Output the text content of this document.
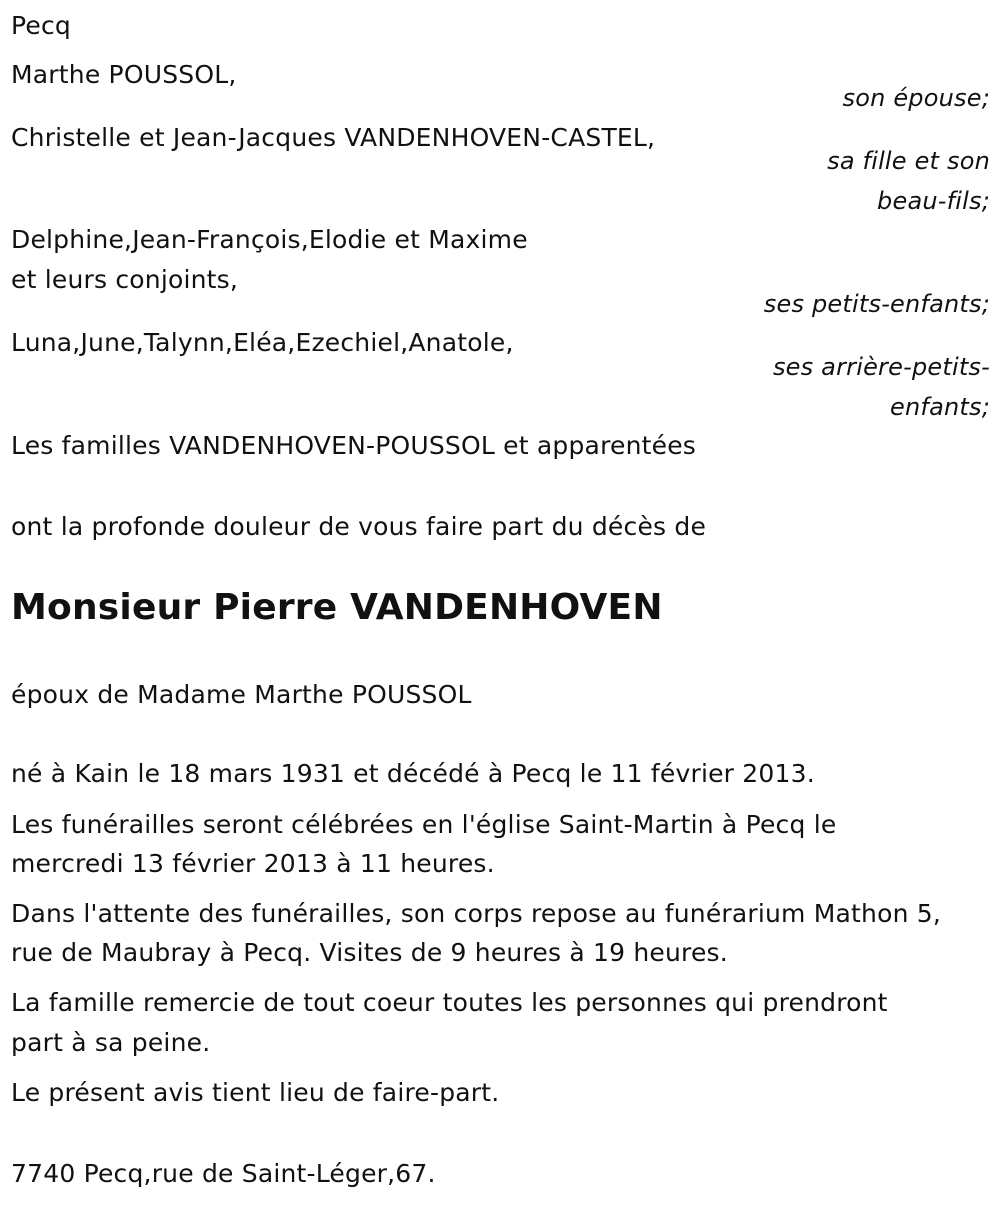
Pecq

Marthe POUSSOL,

son épouse;

Christelle et Jean-Jacques VANDENHOVEN-CASTEL,

sa fille et son
beau-fils;

Delphine,Jean-François,Elodie et Maxime

et leurs conjoints,

ses petits-enfants;

Luna,June,Talynn,Eléa,Ezechiel,Anatole,

ses arrière-petits-
enfants;

Les familles VANDENHOVEN-POUSSOL et apparentées

ont la profonde douleur de vous faire part du décès de

Monsieur Pierre VANDENHOVEN

époux de Madame Marthe POUSSOL

né à Kain le 18 mars 1931 et décédé à Pecq le 11 février 2013.

Les funérailles seront célébrées en l'église Saint-Martin à Pecq le

mercredi 13 février 2013 à 11 heures.

Dans l'attente des funérailles, son corps repose au funérarium Mathon 5,

rue de Maubray à Pecq. Visites de 9 heures à 19 heures.

La famille remercie de tout coeur toutes les personnes qui prendront

part à sa peine.

Le présent avis tient lieu de faire-part.

7740 Pecq,rue de Saint-Léger,67.
